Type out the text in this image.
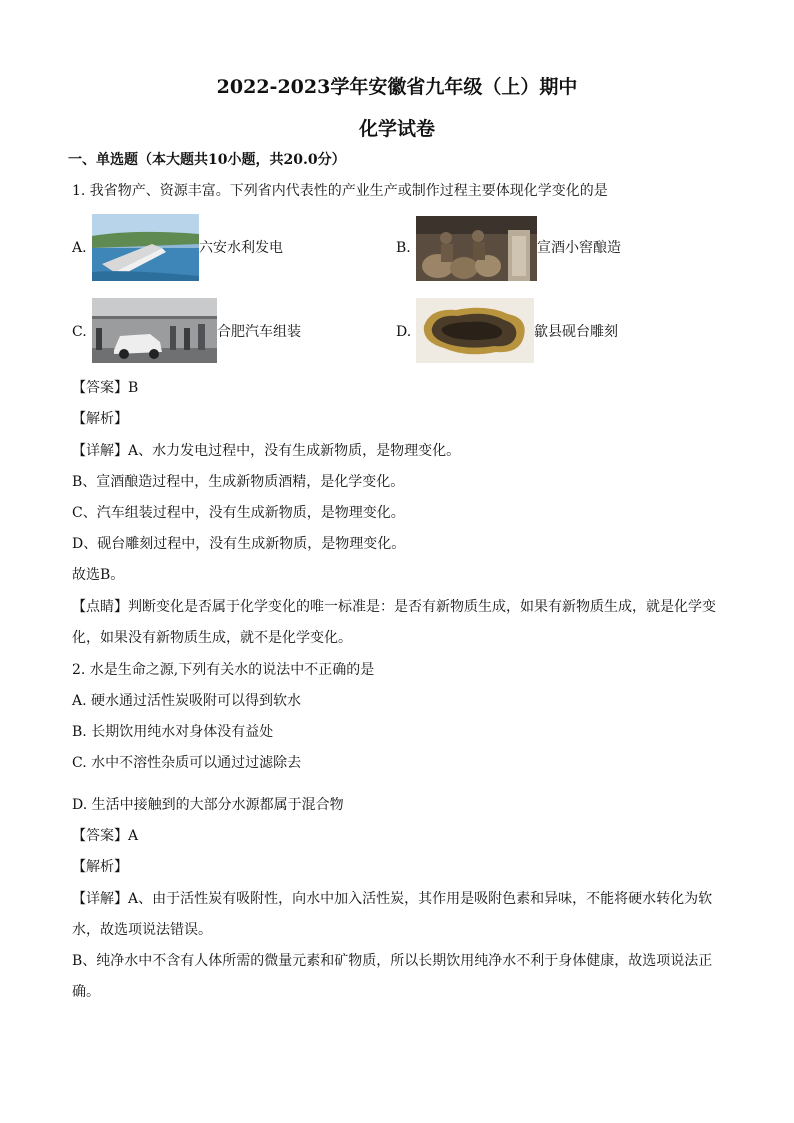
2022-2023学年安徽省九年级（上）期中
化学试卷
一、单选题（本大题共10小题，共20.0分）
1. 我省物产、资源丰富。下列省内代表性的产业生产或制作过程主要体现化学变化的是
A.	六安水利发电	B.	宣酒小窖酿造
C.	合肥汽车组装	D.	歙县砚台雕刻
【答案】B
【解析】
【详解】A、水力发电过程中，没有生成新物质，是物理变化。
B、宣酒酿造过程中，生成新物质酒精，是化学变化。
C、汽车组装过程中，没有生成新物质，是物理变化。
D、砚台雕刻过程中，没有生成新物质，是物理变化。
故选B。
【点睛】判断变化是否属于化学变化的唯一标准是：是否有新物质生成，如果有新物质生成，就是化学变化，如果没有新物质生成，就不是化学变化。
2. 水是生命之源,下列有关水的说法中不正确的是
A. 硬水通过活性炭吸附可以得到软水
B. 长期饮用纯水对身体没有益处
C. 水中不溶性杂质可以通过过滤除去
D. 生活中接触到的大部分水源都属于混合物
【答案】A
【解析】
【详解】A、由于活性炭有吸附性，向水中加入活性炭，其作用是吸附色素和异味，不能将硬水转化为软水，故选项说法错误。
B、纯净水中不含有人体所需的微量元素和矿物质，所以长期饮用纯净水不利于身体健康，故选项说法正确。
